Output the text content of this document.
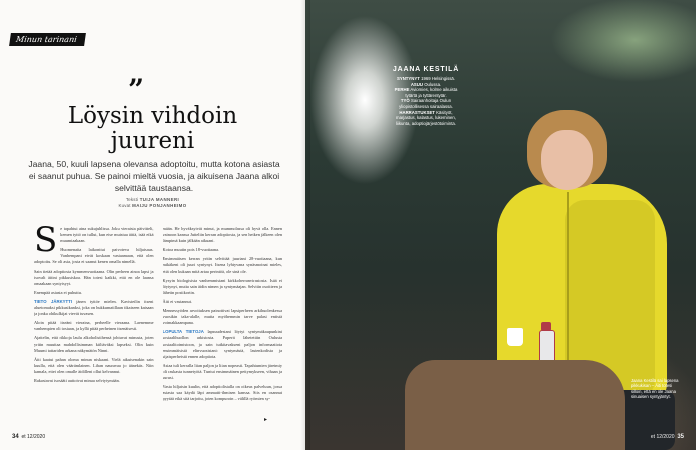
Minun tarinani
”
Löysin vihdoin
juureni
Jaana, 50, kuuli lapsena olevansa adoptoitu, mutta kotona asiasta ei saanut puhua. Se painoi mieltä vuosia, ja aikuisena Jaana alkoi selvittää taustaansa.
Teksti TUIJA MANNERI
Kuvat MAIJU PONJANHEIMO

Se tapahtui aina sukujuhlissa. Joku vieraista päivitteli, kemen tyttö on tullut, kun eise muistua äitiä, isää eikä muumiaakaan.

Huomenaita laikonttui paivoteva hiljaisaus. Vanhempani eivät koskaan vastaamaan, että olen adoptoitu. Se oli asia, josta ei saanut kenen omalla nimellä.

Sain tietää adoptiosta kymmenvuotiaana. Olin perheen ainoa lapsi ja isovalt äitini pikkusiskoa. Hän totesi kaikki, että en ole laansa omaakaan syntyisyyt.

Enempää asiasta ei puhuttu.

TIETO JÄRKYTTI jänen tyttöe mielen. Kavisteilin itseni aluetomaksi ptkkusikanksi, joka on hukkumatillaan tikaiseen katsaan ja jonka ohikulkijat vievät tuvasen.

Aloin pitää itseäni vieraina, perheelle vieraana. Laenemme vanhempien oli tosiaan, ja kyllä pitää perheinen itsenäisesti.

Ajattelin, että rikkoja laulu alkoholistihensä johtuvat minusta, joten yritin muuttaa mahdollisimman kiiltäväksi lapseksi. Olin kuin Muumi tattariden arkana näkymätön Ninni.

Äiti kaatui pahan oloma minun niskaani. Vielä aikuisenakin sain kuulla, että olen väärämlainen. Lihan nauravaa jo äänekäs. Niin kamala, ettei olen omalle äidilleni ollut kelvannut.

Rakastavat isosääti auttoivat minua selviytymään.

mään. He hyväksyivät minut, ja mummolassa oli hyvä olla. Ennen vainoon kanssa Jutteliin kerran adoptiosta, ja sen hetken jälkeen olen lämpimä kuin jälkään aikuani.

Kotoa muutin pois 18-vuotiaana.

Ensimmäisen kerran yritin selvittää juuriani 28-vuotiaana, kun mikäkeni oli juuri syntynyt. Itsena lyhtyvana synäsmoinat mieles, että olen kukaan mitä artaa perintöä, ole sinä ole.

Kysyin biologisista vanhemmistani kirkkoherranvirastosta. Isää ei löytynyt, mutta sain äidin nimen ja syntymäajan. Selvitin osoitteen ja lähetin postikortin.

Äiti ei vastannut.

Mennessyöden arvoituksen painottivat lapsiperheen arkihuolenkessa vuosikin taka-alalle, mutta myöhemmin tarve palasi entistä voimakkaampana.

LOPULTA TIETOJA lapsuudestani löytyi syntymäkaupunkini sosiaalihuollon arkistosta. Paperit lähetettiin Oulusta sosiaalitoimistoon, ja sain tutkitavakseni paljon informaatiota ensimmäisistä elinvuosistani: syntymästä, lastenkodista ja sijaisperheistä ennen adoptiota.

Asiaa tuli kerralla liian paljon ja liian nopeasti. Tapahtumien järetmiy oli raskasta tunnetyötä. Tuntui ensimmäinen pettymykseen, vihaan ja surusi.

Vasta hiljaisin kuulin, että adoptiolistalla on oikeus palveluun, jossa asiasta saa käydä läpi ammatti-ihmisen kanssa. Siis en osannut pyytää eikä sitä tarjottu, joten kompuroin – välillä ryömien sy-

▸
34 et 12/2020
JAANA KESTILÄ
SYNTYNYT 1969 Helsingissä.
ASUU Oulussa.
PERHE Aviomies, kolme aikuista tytärtä ja tyttärentytär.
TYÖ Sairaanhoitaja Oulun yliopistollisessa sairaalassa.
HARRASTUKSET Käsityöt, marjastus, kalastus, lukeminen, liikunta, adoptiojärjestötoiminta.
Jaana Kestilä sai lapsena pikkukisan – Äiti totesi silloin, että en ole Jaana sinuaisen syntyjäntyt.
et 12/2020 35
